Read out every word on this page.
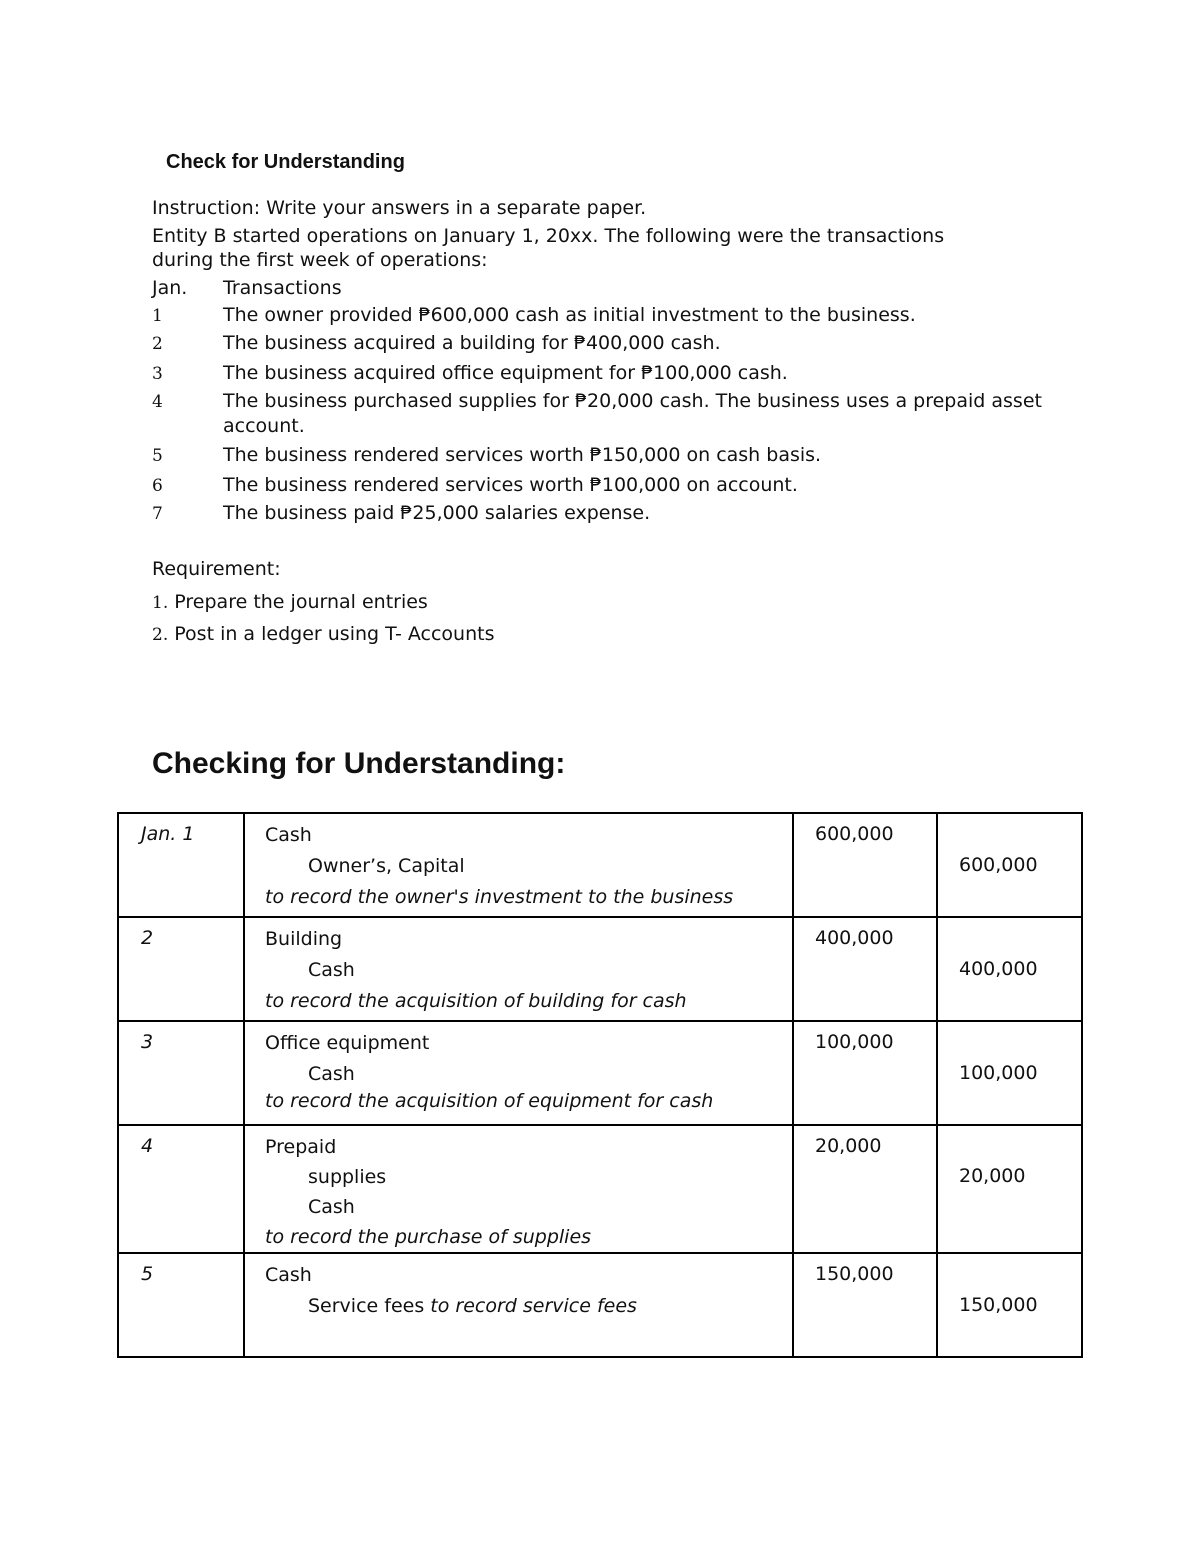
Check for Understanding
Instruction: Write your answers in a separate paper.
Entity B started operations on January 1, 20xx. The following were the transactions
during the first week of operations:
Jan. Transactions
1	The owner provided ₱600,000 cash as initial investment to the business.
2	The business acquired a building for ₱400,000 cash.
3	The business acquired office equipment for ₱100,000 cash.
4	The business purchased supplies for ₱20,000 cash. The business uses a prepaid asset
account.
5	The business rendered services worth ₱150,000 on cash basis.
6	The business rendered services worth ₱100,000 on account.
7	The business paid ₱25,000 salaries expense.
Requirement:
1. Prepare the journal entries
2. Post in a ledger using T- Accounts
Checking for Understanding:
Jan. 1	Cash
Owner’s, Capital
to record the owner's investment to the business	600,000	600,000

2	Building
Cash
to record the acquisition of building for cash	400,000	400,000

3	Office equipment
Cash
to record the acquisition of equipment for cash	100,000	100,000

4	Prepaid
supplies
Cash
to record the purchase of supplies	20,000	20,000

5	Cash
Service fees to record service fees	150,000	150,000
